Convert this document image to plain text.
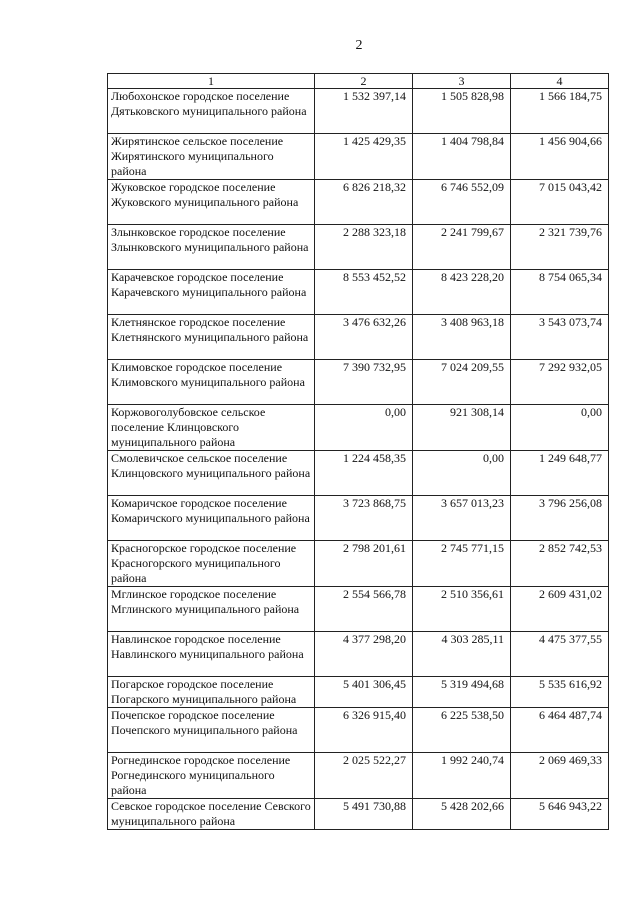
2
1	2	3	4
Любохонское городское поселение Дятьковского муниципального района	1 532 397,14	1 505 828,98	1 566 184,75
Жирятинское сельское поселение Жирятинского муниципального района	1 425 429,35	1 404 798,84	1 456 904,66
Жуковское городское поселение Жуковского муниципального района	6 826 218,32	6 746 552,09	7 015 043,42
Злынковское городское поселение Злынковского муниципального района	2 288 323,18	2 241 799,67	2 321 739,76
Карачевское городское поселение Карачевского муниципального района	8 553 452,52	8 423 228,20	8 754 065,34
Клетнянское городское поселение Клетнянского муниципального района	3 476 632,26	3 408 963,18	3 543 073,74
Климовское городское поселение Климовского муниципального района	7 390 732,95	7 024 209,55	7 292 932,05
Коржовоголубовское сельское поселение Клинцовского муниципального района	0,00	921 308,14	0,00
Смолевичское сельское поселение Клинцовского муниципального района	1 224 458,35	0,00	1 249 648,77
Комаричское городское поселение Комаричского муниципального района	3 723 868,75	3 657 013,23	3 796 256,08
Красногорское городское поселение Красногорского муниципального района	2 798 201,61	2 745 771,15	2 852 742,53
Мглинское городское поселение Мглинского муниципального района	2 554 566,78	2 510 356,61	2 609 431,02
Навлинское городское поселение Навлинского муниципального района	4 377 298,20	4 303 285,11	4 475 377,55
Погарское городское поселение Погарского муниципального района	5 401 306,45	5 319 494,68	5 535 616,92
Почепское городское поселение Почепского муниципального района	6 326 915,40	6 225 538,50	6 464 487,74
Рогнединское городское поселение Рогнединского муниципального района	2 025 522,27	1 992 240,74	2 069 469,33
Севское городское поселение Севского муниципального района	5 491 730,88	5 428 202,66	5 646 943,22
